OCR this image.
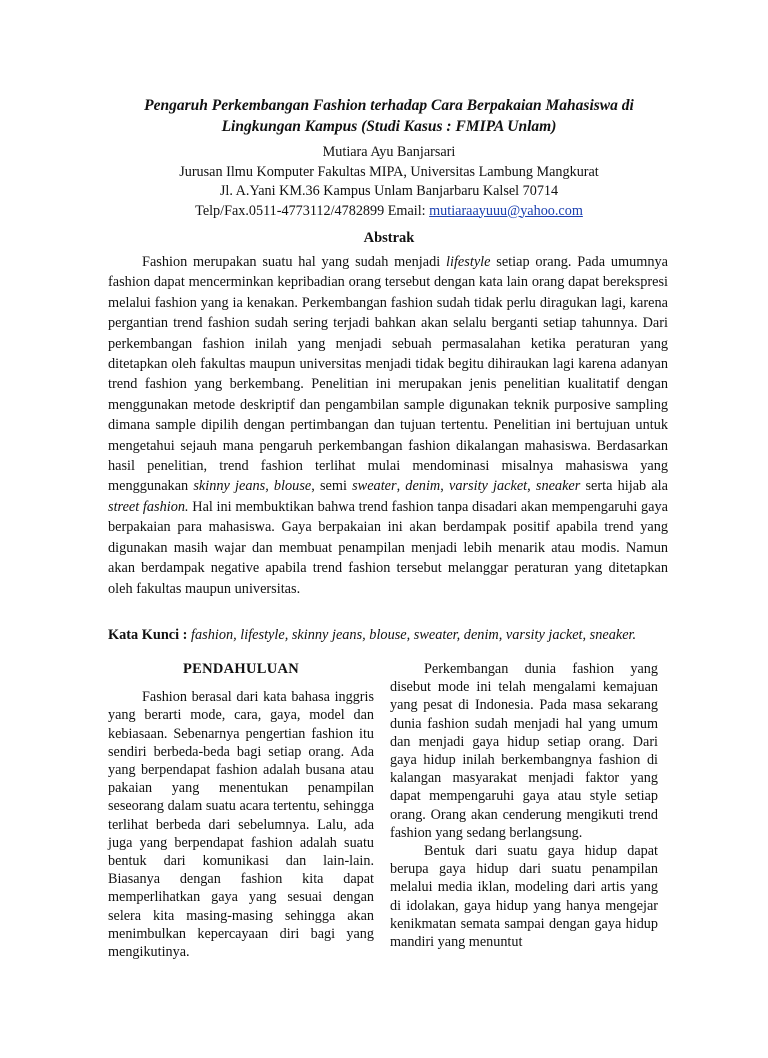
Pengaruh Perkembangan Fashion terhadap Cara Berpakaian Mahasiswa di
Lingkungan Kampus (Studi Kasus : FMIPA Unlam)
Mutiara Ayu Banjarsari
Jurusan Ilmu Komputer Fakultas MIPA, Universitas Lambung Mangkurat
Jl. A.Yani KM.36 Kampus Unlam Banjarbaru Kalsel 70714
Telp/Fax.0511-4773112/4782899 Email: mutiaraayuuu@yahoo.com
Abstrak

Fashion merupakan suatu hal yang sudah menjadi lifestyle setiap orang. Pada umumnya fashion dapat mencerminkan kepribadian orang tersebut dengan kata lain orang dapat berekspresi melalui fashion yang ia kenakan. Perkembangan fashion sudah tidak perlu diragukan lagi, karena pergantian trend fashion sudah sering terjadi bahkan akan selalu berganti setiap tahunnya. Dari perkembangan fashion inilah yang menjadi sebuah permasalahan ketika peraturan yang ditetapkan oleh fakultas maupun universitas menjadi tidak begitu dihiraukan lagi karena adanyan trend fashion yang berkembang. Penelitian ini merupakan jenis penelitian kualitatif dengan menggunakan metode deskriptif dan pengambilan sample digunakan teknik purposive sampling dimana sample dipilih dengan pertimbangan dan tujuan tertentu. Penelitian ini bertujuan untuk mengetahui sejauh mana pengaruh perkembangan fashion dikalangan mahasiswa. Berdasarkan hasil penelitian, trend fashion terlihat mulai mendominasi misalnya mahasiswa yang menggunakan skinny jeans, blouse, semi sweater, denim, varsity jacket, sneaker serta hijab ala street fashion. Hal ini membuktikan bahwa trend fashion tanpa disadari akan mempengaruhi gaya berpakaian para mahasiswa. Gaya berpakaian ini akan berdampak positif apabila trend yang digunakan masih wajar dan membuat penampilan menjadi lebih menarik atau modis. Namun akan berdampak negative apabila trend fashion tersebut melanggar peraturan yang ditetapkan oleh fakultas maupun universitas.

Kata Kunci : fashion, lifestyle, skinny jeans, blouse, sweater, denim, varsity jacket, sneaker.
PENDAHULUAN

Fashion berasal dari kata bahasa inggris yang berarti mode, cara, gaya, model dan kebiasaan. Sebenarnya pengertian fashion itu sendiri berbeda-beda bagi setiap orang. Ada yang berpendapat fashion adalah busana atau pakaian yang menentukan penampilan seseorang dalam suatu acara tertentu, sehingga terlihat berbeda dari sebelumnya. Lalu, ada juga yang berpendapat fashion adalah suatu bentuk dari komunikasi dan lain-lain. Biasanya dengan fashion kita dapat memperlihatkan gaya yang sesuai dengan selera kita masing-masing sehingga akan menimbulkan kepercayaan diri bagi yang mengikutinya.

Perkembangan dunia fashion yang disebut mode ini telah mengalami kemajuan yang pesat di Indonesia. Pada masa sekarang dunia fashion sudah menjadi hal yang umum dan menjadi gaya hidup setiap orang. Dari gaya hidup inilah berkembangnya fashion di kalangan masyarakat menjadi faktor yang dapat mempengaruhi gaya atau style setiap orang. Orang akan cenderung mengikuti trend fashion yang sedang berlangsung.

Bentuk dari suatu gaya hidup dapat berupa gaya hidup dari suatu penampilan melalui media iklan, modeling dari artis yang di idolakan, gaya hidup yang hanya mengejar kenikmatan semata sampai dengan gaya hidup mandiri yang menuntut
